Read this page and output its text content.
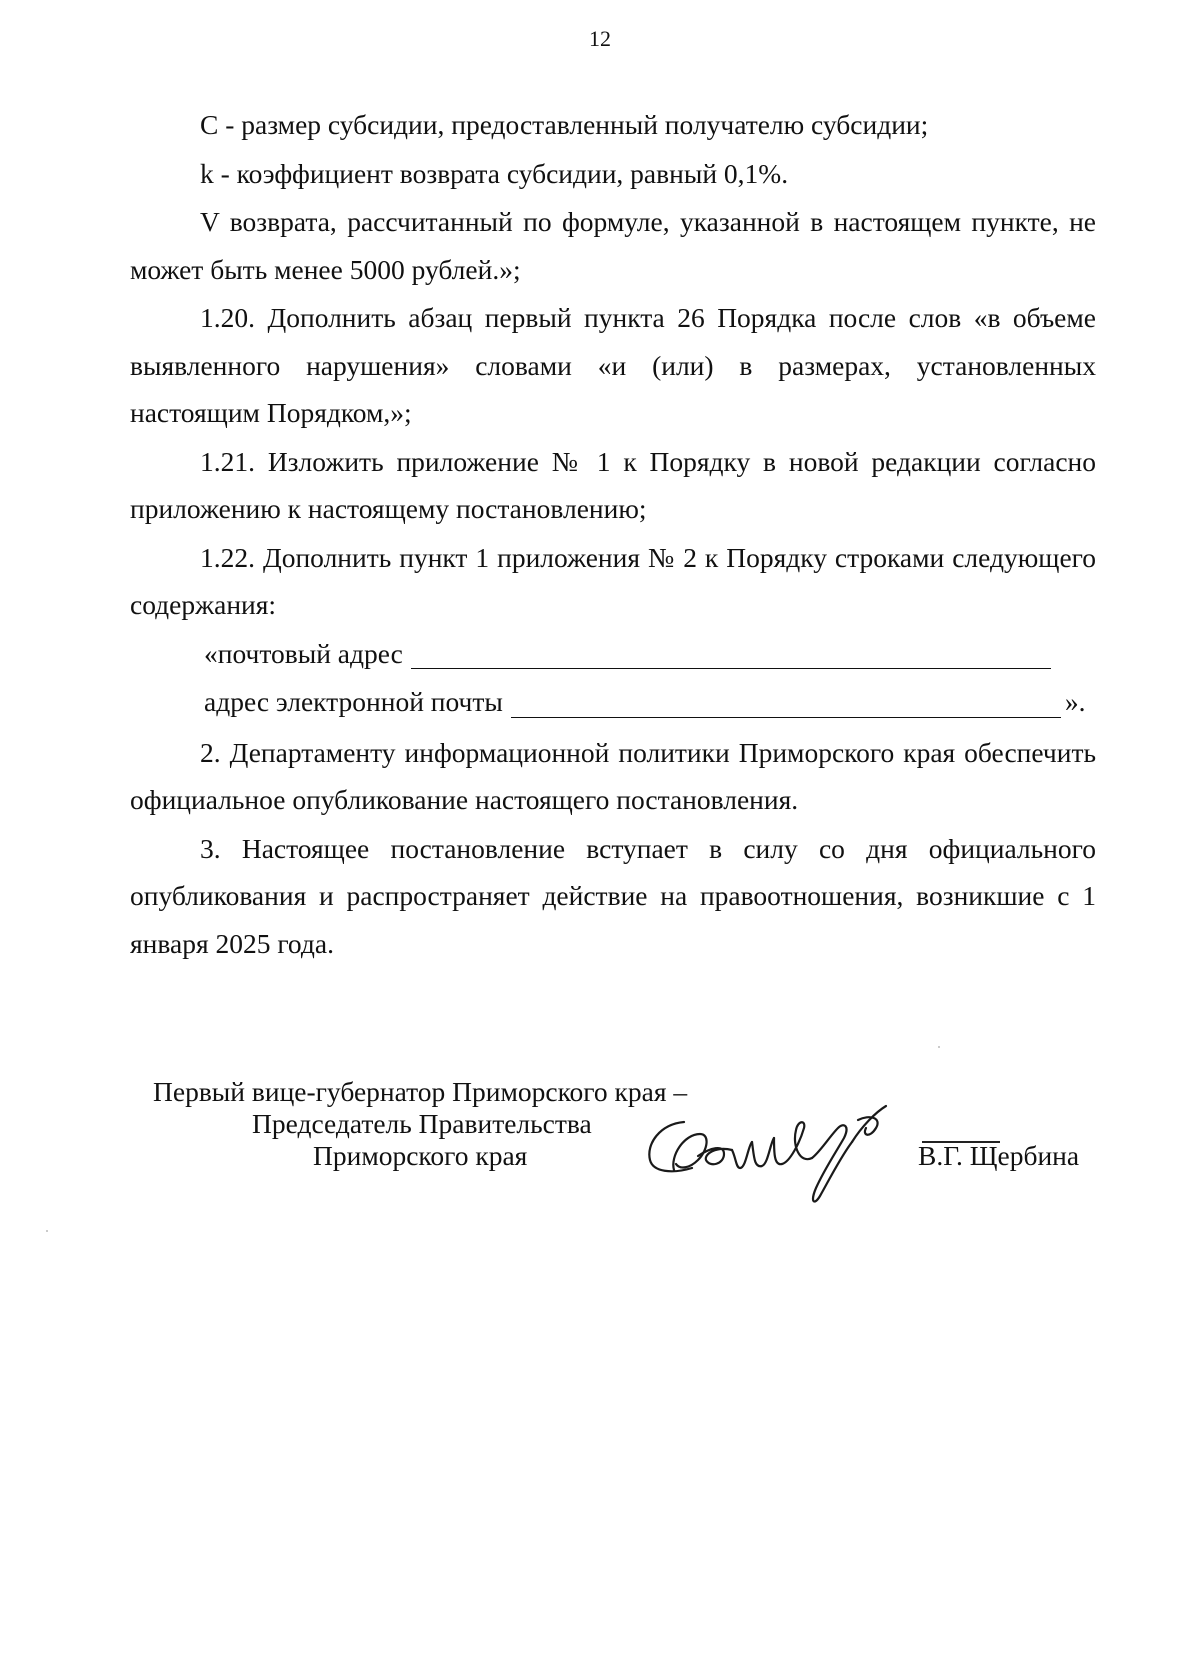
12

С - размер субсидии, предоставленный получателю субсидии;

k - коэффициент возврата субсидии, равный 0,1%.

V возврата, рассчитанный по формуле, указанной в настоящем пункте, не может быть менее 5000 рублей.»;

1.20. Дополнить абзац первый пункта 26 Порядка после слов «в объеме выявленного нарушения» словами «и (или) в размерах, установленных настоящим Порядком,»;

1.21. Изложить приложение № 1 к Порядку в новой редакции согласно приложению к настоящему постановлению;

1.22. Дополнить пункт 1 приложения № 2 к Порядку строками следующего содержания:

«почтовый адрес
адрес электронной почты	».

2. Департаменту информационной политики Приморского края обеспечить официальное опубликование настоящего постановления.

3. Настоящее постановление вступает в силу со дня официального опубликования и распространяет действие на правоотношения, возникшие с 1 января 2025 года.

Первый вице-губернатор Приморского края –
Председатель Правительства
Приморского края	В.Г. Щербина
